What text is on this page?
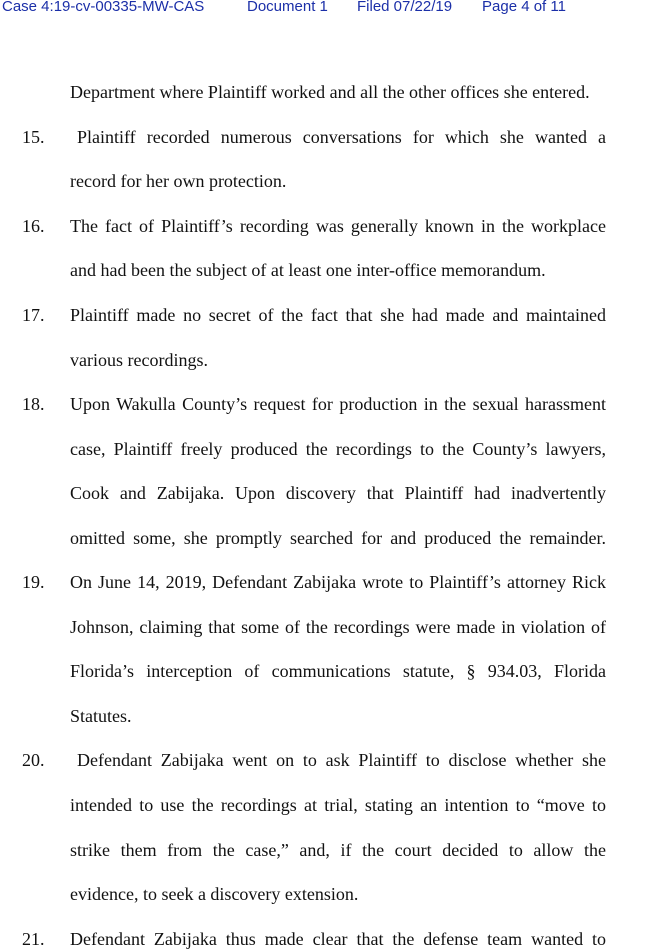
Case 4:19-cv-00335-MW-CAS	Document 1 Filed 07/22/19 Page 4 of 11
Department where Plaintiff worked and all the other offices she entered.
15. Plaintiff recorded numerous conversations for which she wanted a
record for her own protection.
16. The fact of Plaintiff’s recording was generally known in the workplace
and had been the subject of at least one inter-office memorandum.
17. Plaintiff made no secret of the fact that she had made and maintained
various recordings.
18. Upon Wakulla County’s request for production in the sexual harassment
case, Plaintiff freely produced the recordings to the County’s lawyers,
Cook and Zabijaka. Upon discovery that Plaintiff had inadvertently
omitted some, she promptly searched for and produced the remainder.
19. On June 14, 2019, Defendant Zabijaka wrote to Plaintiff’s attorney Rick
Johnson, claiming that some of the recordings were made in violation of
Florida’s interception of communications statute, § 934.03, Florida
Statutes.
20. Defendant Zabijaka went on to ask Plaintiff to disclose whether she
intended to use the recordings at trial, stating an intention to “move to
strike them from the case,” and, if the court decided to allow the
evidence, to seek a discovery extension.
21. Defendant Zabijaka thus made clear that the defense team wanted to
